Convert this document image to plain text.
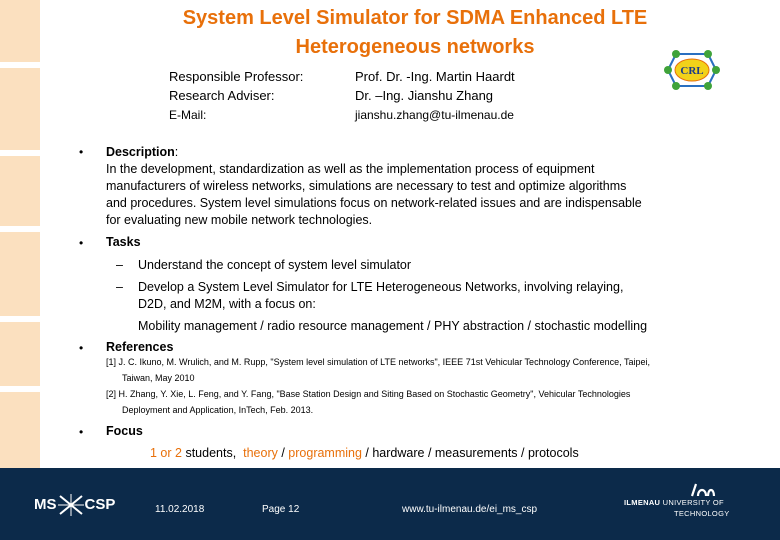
System Level Simulator for SDMA Enhanced LTE
Heterogeneous networks
CRL
Responsible Professor:	Prof. Dr. -Ing. Martin Haardt
Research Adviser:	Dr. –Ing. Jianshu Zhang
E-Mail:	jianshu.zhang@tu-ilmenau.de
• Description:
In the development, standardization as well as the implementation process of equipment
manufacturers of wireless networks, simulations are necessary to test and optimize algorithms
and procedures. System level simulations focus on network-related issues and are indispensable
for evaluating new mobile network technologies.
• Tasks
– Understand the concept of system level simulator
– Develop a System Level Simulator for LTE Heterogeneous Networks, involving relaying,
D2D, and M2M, with a focus on:
Mobility management / radio resource management / PHY abstraction / stochastic modelling
• References
[1] J. C. Ikuno, M. Wrulich, and M. Rupp, "System level simulation of LTE networks", IEEE 71st Vehicular Technology Conference, Taipei,
Taiwan, May 2010
[2] H. Zhang, Y. Xie, L. Feng, and Y. Fang, "Base Station Design and Siting Based on Stochastic Geometry", Vehicular Technologies
Deployment and Application, InTech, Feb. 2013.
• Focus
1 or 2 students, theory / programming / hardware / measurements / protocols
MS CSP	11.02.2018	Page 12	www.tu-ilmenau.de/ei_ms_csp
ILMENAU UNIVERSITY OF
TECHNOLOGY
